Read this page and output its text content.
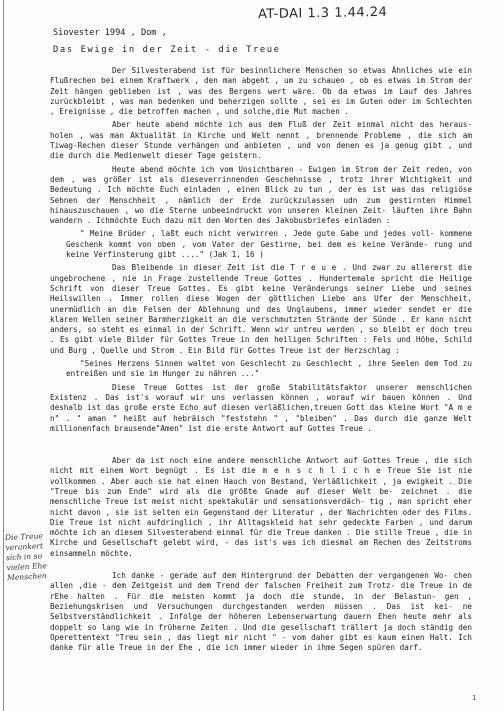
AT-DAI 1.3 1.44.24
Siovester 1994 , Dom ,
Das Ewige in der Zeit - die Treue

Der Silvesterabend ist für besinnlichere Menschen so etwas Ähnliches wie ein Flußrechen bei einem Kraftwerk , den man abgeht , um zu schauen , ob es etwas im Strom der Zeit hängen geblieben ist , was des Bergens wert wäre. Ob da etwas im Lauf des Jahres zurückbleibt , was man bedenken und beherzigen sollte , sei es im Guten oder im Schlechten , Ereignisse , die betroffen machen , und solche,die Mut machen .

Aber heute abend möchte ich aus dem Fluß der Zeit einmal nicht das heraus- holen , was man Aktualität in Kirche und Welt nennt , brennende Probleme , die sich am Tiwag-Rechen dieser Stunde verhängen und anbieten , und von denen es ja genug gibt , und die durch die Medienwelt dieser Tage geistern.

Heute abend möchte ich vom Unsichtbaren - Ewigen im Strom der Zeit reden, von dem , was größer ist als dieseverrinnenden Geschehnisse , trotz ihrer Wichtigkeit und Bedeutung . Ich möchte Euch einladen , einen Blick zu tun , der es ist was das religiöse Sehnen der Menschheit , nämlich der Erde zurückzulassen udn zum gestirnten Himmel hinauszuschauen , wo die Sterne unbeeindruckt von unseren kleinen Zeit- läuften ihre Bahn wandern . Ichmöchte Euch dazu mit den Worten des Jakobusbriefes einladen :

" Meine Brüder , laßt euch nicht verwirren . Jede gute Gabe und jedes voll- kommene Geschenk kommt von oben , vom Vater der Gestirne, bei dem es keine Verände- rung und keine Verfinsterung gibt ...." (Jak 1, 16 )

Das Bleibende in dieser Zeit ist die T r e u e . Und zwar zu allererst die ungebrochene , nie in Frage zustellende Treue Gottes . Hundertemale spricht die Heilige Schrift von dieser Treue Gottes. Es gibt keine Veränderungs seiner Liebe und seines Heilswillen . Immer rollen diese Wogen der göttlichen Liebe ans Ufer der Menschheit, unermüdlich an die Felsen der Ablehnung und des Unglaubens, immer wieder sendet er die klaren Wellen seiner Barmherzigkeit an die verschmutzten Strände der Sünde . Er kann nicht anders, so steht es einmal in der Schrift. Wenn wir untreu werden , so bleibt er doch treu . Es gibt viele Bilder für Gottes Treue in den heiligen Schriften : Fels und Höhe, Schild und Burg , Quelle und Strom . Ein Bild für Gottes Treue ist der Herzschlag :

"Seines Herzens Sinnen waltet von Geschlecht zu Geschlecht , ihre Seelen dem Tod zu entreißen und sie im Hunger zu nähren ..."

Diese Treue Gottes ist der große Stabilitätsfaktor unserer menschlichen Existenz . Das ist's worauf wir uns verlassen können , worauf wir bauen können . Und deshalb ist das große erste Echo auf diesen verläßlichen,treuen Gott das kleine Wort "A m e n" . " aman " heißt auf hebräisch "feststehn " , "bleiben" . Das durch die ganze Welt millionenfach brausende"Amen" ist die erste Antwort auf Gottes Treue .

Aber da ist noch eine andere menschliche Antwort auf Gottes Treue , die sich nicht mit einem Wort begnügt . Es ist die m e n s c h l i c h e Treue Sie ist nie vollkommen . Aber auch sie hat einen Hauch von Bestand, Verläßlichkeit , ja ewigkeit . Die "Treue bis zum Ende" wird als die größte Gnade auf dieser Welt be- zeichnet . die menschliche Treue ist meist nicht spektakulär und sensationsverdäch- tig , man spricht eher nicht davon , sie ist selten ein Gegenstand der Literatur , der Nachrichten oder des Films. Die Treue ist nicht aufdringlich , ihr Alltagskleid hat sehr gedeckte Farben , und darum möchte ich an diesem Silvesterabend einmal für die Treue danken . Die stille Treue , die in Kirche und Gesellschaft gelebt wird, - das ist's was ich diesmal am Rechen des Zeitstroms einsammeln möchte.

Ich danke - gerade auf dem Hintergrund der Debatten der vergangenen Wo- chen allen ,die - dem Zeitgeist und dem Trend der falschen Freiheit zum Trotz- die Treue in de rEhe halten . Für die meisten kommt ja doch die stunde, in der Belastun- gen , Beziehungskrisen und Versuchungen durchgestanden werden müssen . Das ist kei- ne Selbstverständlichkeit . Infolge der höheren Lebenserwartung dauern Ehen heute mehr als doppelt so lang wie in früherne Zeiten . Und die gesellschaft trällert ja doch ständig den Operettentext "Treu sein , das liegt mir nicht " - vom daher gibt es kaum einen Halt. Ich danke für alle Treue in der Ehe , die ich immer wieder in ihme Segen spüren darf.

Die Treue verankert sich in so vielen Ehe Menschen
1
